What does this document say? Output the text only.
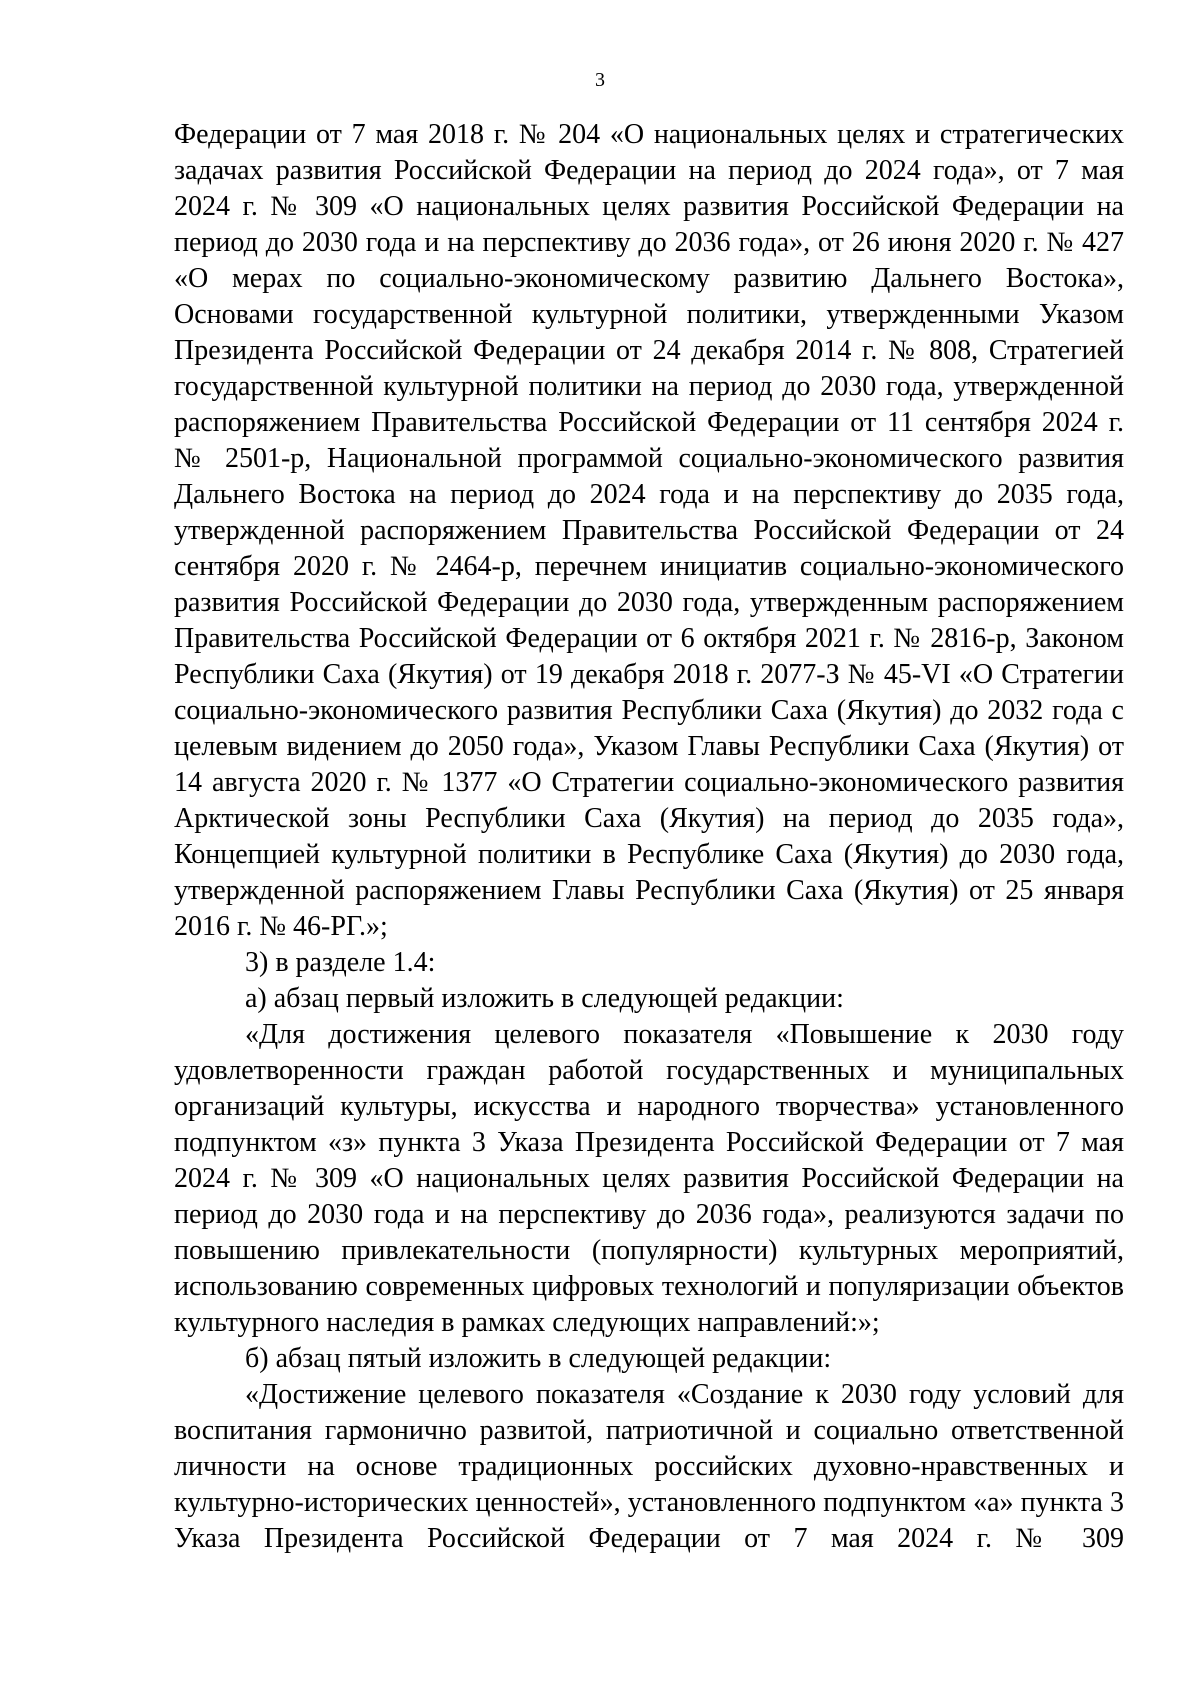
3

Федерации от 7 мая 2018 г. № 204 «О национальных целях и стратегических задачах развития Российской Федерации на период до 2024 года», от 7 мая 2024 г. № 309 «О национальных целях развития Российской Федерации на период до 2030 года и на перспективу до 2036 года», от 26 июня 2020 г. № 427 «О мерах по социально-экономическому развитию Дальнего Востока», Основами государственной культурной политики, утвержденными Указом Президента Российской Федерации от 24 декабря 2014 г. № 808, Стратегией государственной культурной политики на период до 2030 года, утвержденной распоряжением Правительства Российской Федерации от 11 сентября 2024 г. № 2501-р, Национальной программой социально-экономического развития Дальнего Востока на период до 2024 года и на перспективу до 2035 года, утвержденной распоряжением Правительства Российской Федерации от 24 сентября 2020 г. № 2464-р, перечнем инициатив социально-экономического развития Российской Федерации до 2030 года, утвержденным распоряжением Правительства Российской Федерации от 6 октября 2021 г. № 2816-р, Законом Республики Саха (Якутия) от 19 декабря 2018 г. 2077-З № 45-VI «О Стратегии социально-экономического развития Республики Саха (Якутия) до 2032 года с целевым видением до 2050 года», Указом Главы Республики Саха (Якутия) от 14 августа 2020 г. № 1377 «О Стратегии социально-экономического развития Арктической зоны Республики Саха (Якутия) на период до 2035 года», Концепцией культурной политики в Республике Саха (Якутия) до 2030 года, утвержденной распоряжением Главы Республики Саха (Якутия) от 25 января 2016 г. № 46-РГ.»;

3) в разделе 1.4:

а) абзац первый изложить в следующей редакции:

«Для достижения целевого показателя «Повышение к 2030 году удовлетворенности граждан работой государственных и муниципальных организаций культуры, искусства и народного творчества» установленного подпунктом «з» пункта 3 Указа Президента Российской Федерации от 7 мая 2024 г. № 309 «О национальных целях развития Российской Федерации на период до 2030 года и на перспективу до 2036 года», реализуются задачи по повышению привлекательности (популярности) культурных мероприятий, использованию современных цифровых технологий и популяризации объектов культурного наследия в рамках следующих направлений:»;

б) абзац пятый изложить в следующей редакции:

«Достижение целевого показателя «Создание к 2030 году условий для воспитания гармонично развитой, патриотичной и социально ответственной личности на основе традиционных российских духовно-нравственных и культурно-исторических ценностей», установленного подпунктом «а» пункта 3 Указа Президента Российской Федерации от 7 мая 2024 г. № 309
